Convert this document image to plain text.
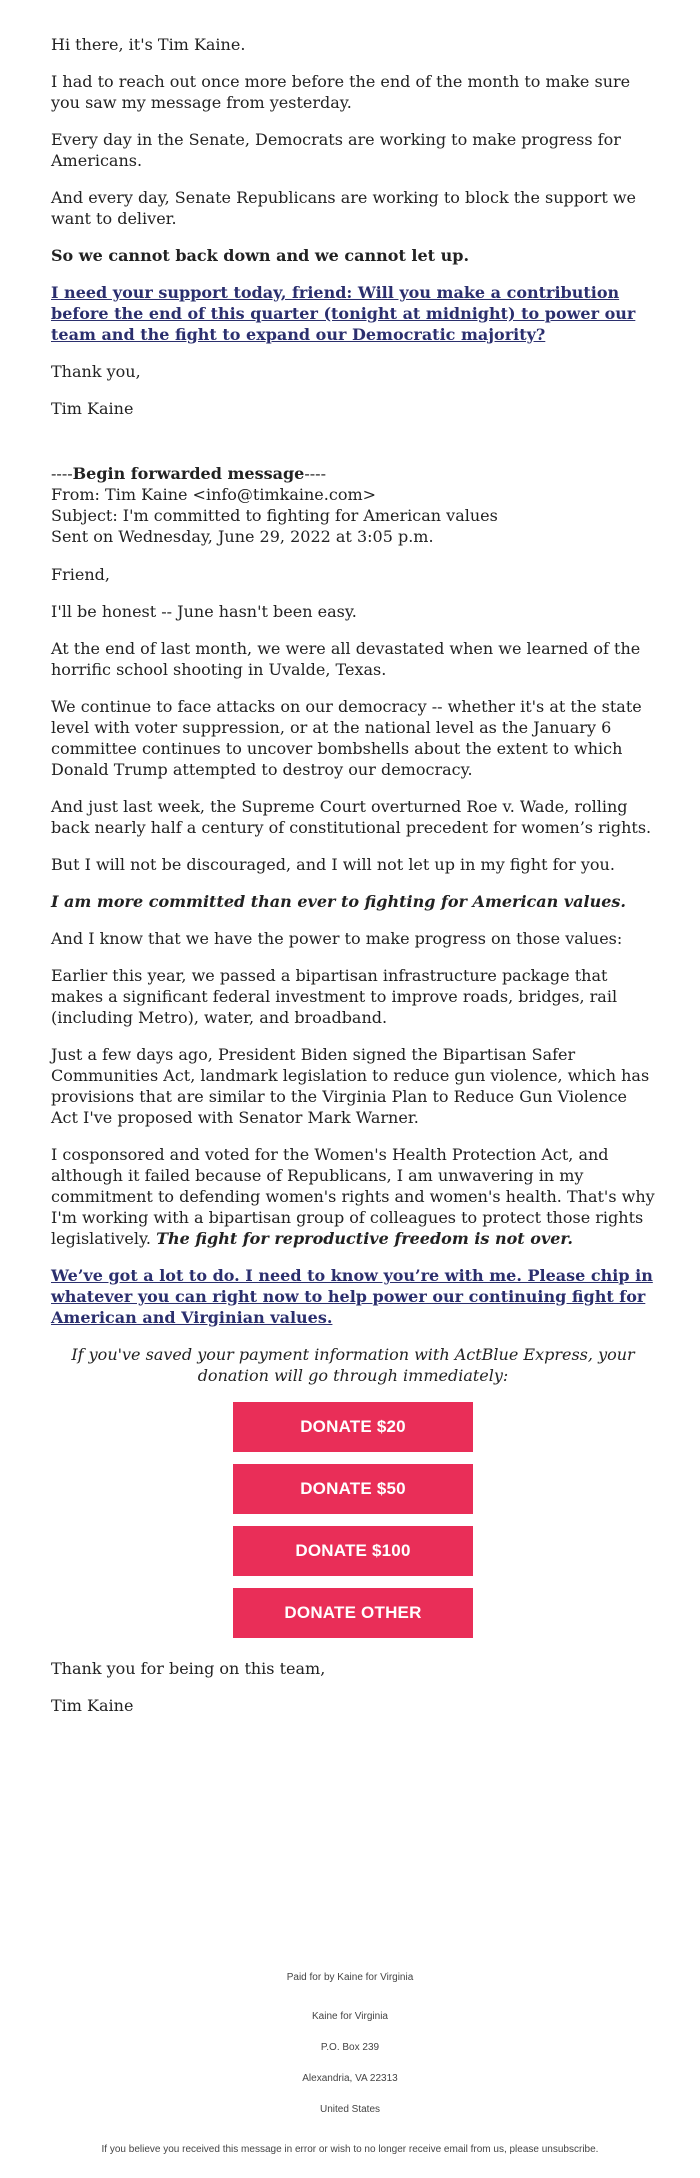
Hi there, it's Tim Kaine.

I had to reach out once more before the end of the month to make sure you saw my message from yesterday.

Every day in the Senate, Democrats are working to make progress for Americans.

And every day, Senate Republicans are working to block the support we want to deliver.

So we cannot back down and we cannot let up.

I need your support today, friend: Will you make a contribution before the end of this quarter (tonight at midnight) to power our team and the fight to expand our Democratic majority?

Thank you,

Tim Kaine

----Begin forwarded message----

From: Tim Kaine <info@timkaine.com>

Subject: I'm committed to fighting for American values

Sent on Wednesday, June 29, 2022 at 3:05 p.m.

Friend,

I'll be honest -- June hasn't been easy.

At the end of last month, we were all devastated when we learned of the horrific school shooting in Uvalde, Texas.

We continue to face attacks on our democracy -- whether it's at the state level with voter suppression, or at the national level as the January 6 committee continues to uncover bombshells about the extent to which Donald Trump attempted to destroy our democracy.

And just last week, the Supreme Court overturned Roe v. Wade, rolling back nearly half a century of constitutional precedent for women’s rights.

But I will not be discouraged, and I will not let up in my fight for you.

I am more committed than ever to fighting for American values.

And I know that we have the power to make progress on those values:

Earlier this year, we passed a bipartisan infrastructure package that makes a significant federal investment to improve roads, bridges, rail (including Metro), water, and broadband.

Just a few days ago, President Biden signed the Bipartisan Safer Communities Act, landmark legislation to reduce gun violence, which has provisions that are similar to the Virginia Plan to Reduce Gun Violence Act I've proposed with Senator Mark Warner.

I cosponsored and voted for the Women's Health Protection Act, and although it failed because of Republicans, I am unwavering in my commitment to defending women's rights and women's health. That's why I'm working with a bipartisan group of colleagues to protect those rights legislatively. The fight for reproductive freedom is not over.

We’ve got a lot to do. I need to know you’re with me. Please chip in whatever you can right now to help power our continuing fight for American and Virginian values.

If you've saved your payment information with ActBlue Express, your donation will go through immediately:

DONATE $20
DONATE $50
DONATE $100
DONATE OTHER

Thank you for being on this team,

Tim Kaine

Paid for by Kaine for Virginia
Kaine for Virginia
P.O. Box 239
Alexandria, VA 22313
United States
If you believe you received this message in error or wish to no longer receive email from us, please unsubscribe.
